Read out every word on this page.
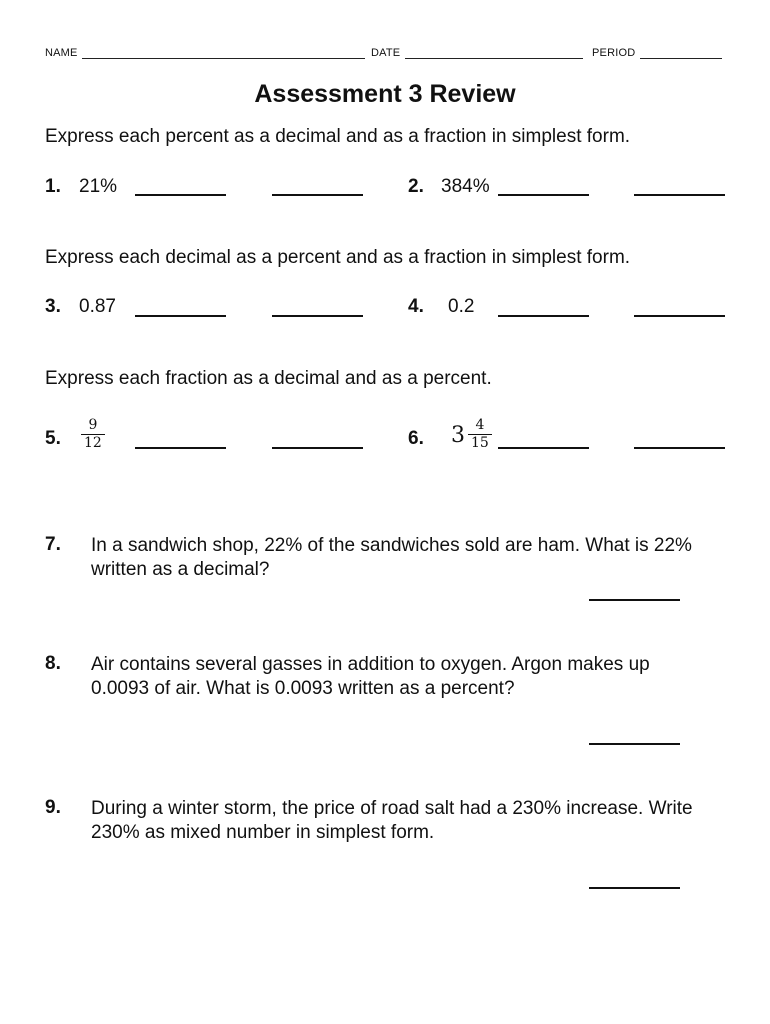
NAME	DATE	PERIOD
Assessment 3 Review
Express each percent as a decimal and as a fraction in simplest form.
1. 21%	2. 384%
Express each decimal as a percent and as a fraction in simplest form.
3. 0.87	4. 0.2
Express each fraction as a decimal and as a percent.
5. $\frac{9}{12}$	6. $3 \frac{4}{15}$
7. In a sandwich shop, 22% of the sandwiches sold are ham. What is 22% written as a decimal?
8. Air contains several gasses in addition to oxygen. Argon makes up 0.0093 of air. What is 0.0093 written as a percent?
9. During a winter storm, the price of road salt had a 230% increase. Write 230% as mixed number in simplest form.
